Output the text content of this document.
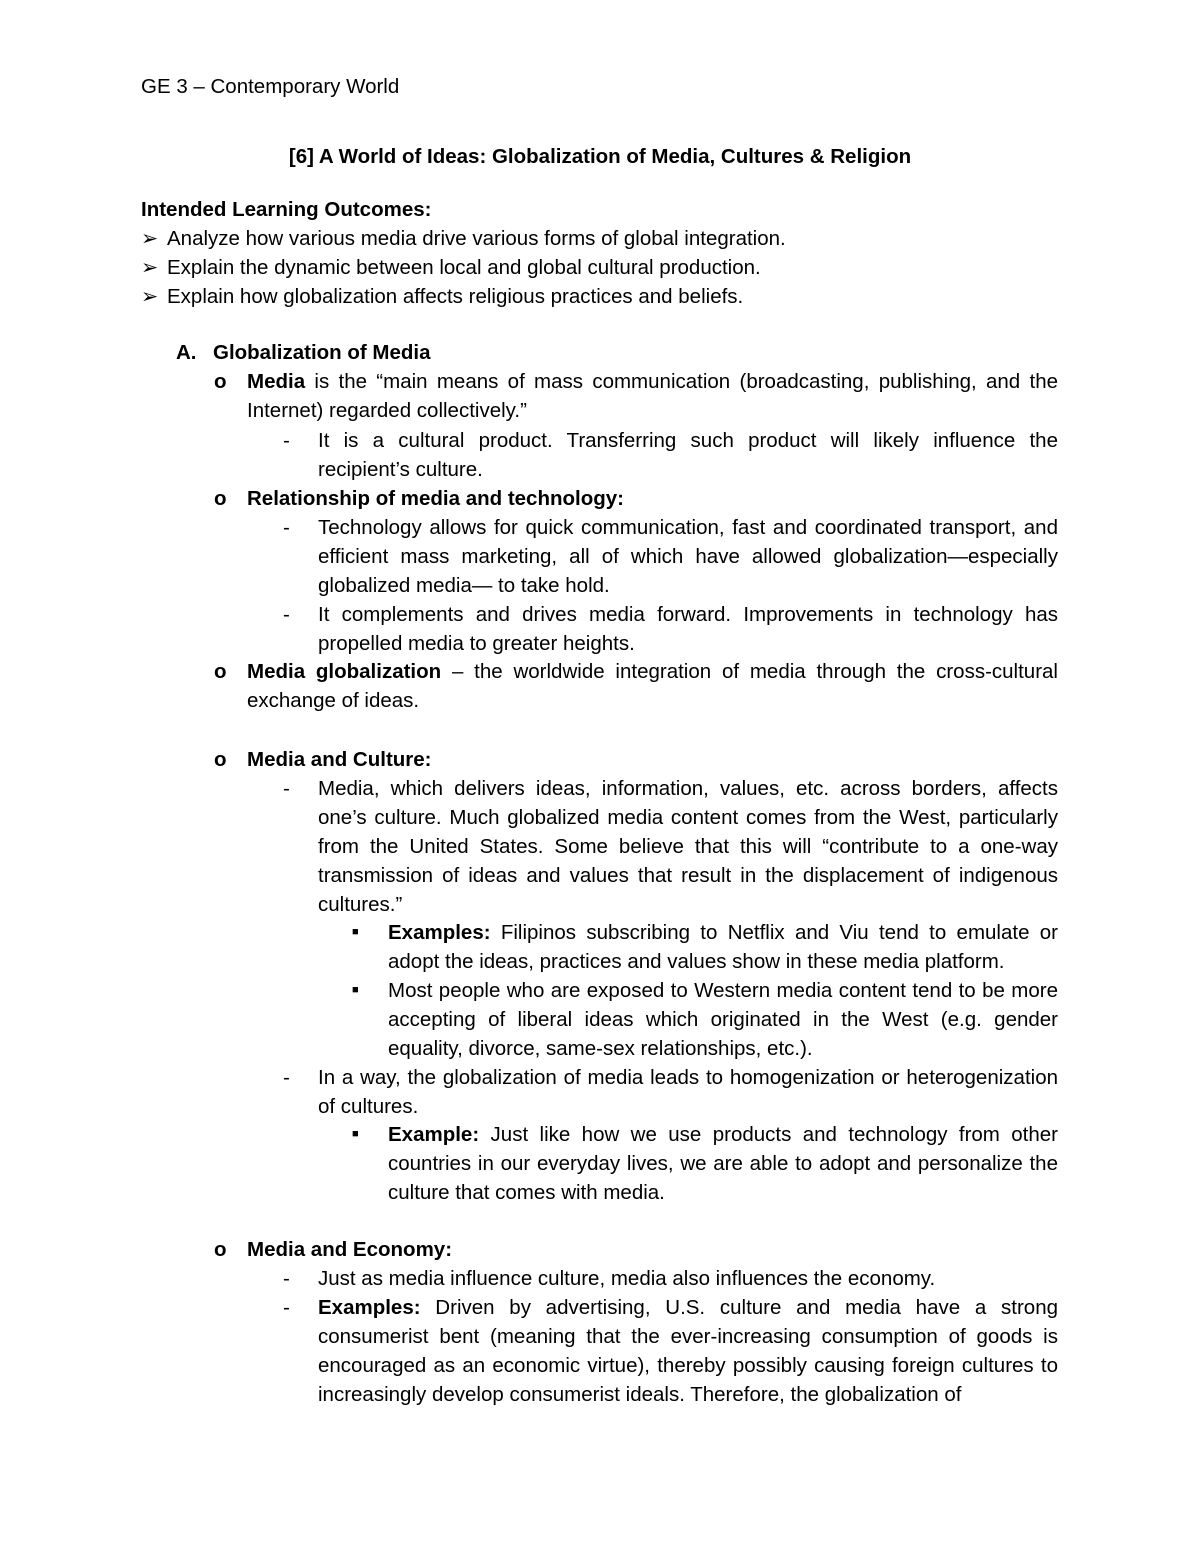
GE 3 – Contemporary World
[6] A World of Ideas: Globalization of Media, Cultures & Religion
Intended Learning Outcomes:
➢ Analyze how various media drive various forms of global integration.
➢ Explain the dynamic between local and global cultural production.
➢ Explain how globalization affects religious practices and beliefs.
A. Globalization of Media
o Media is the “main means of mass communication (broadcasting, publishing, and the Internet) regarded collectively.”
- It is a cultural product. Transferring such product will likely influence the recipient’s culture.
o Relationship of media and technology:
- Technology allows for quick communication, fast and coordinated transport, and efficient mass marketing, all of which have allowed globalization—especially globalized media— to take hold.
- It complements and drives media forward. Improvements in technology has propelled media to greater heights.
o Media globalization – the worldwide integration of media through the cross-cultural exchange of ideas.
o Media and Culture:
- Media, which delivers ideas, information, values, etc. across borders, affects one’s culture. Much globalized media content comes from the West, particularly from the United States. Some believe that this will “contribute to a one-way transmission of ideas and values that result in the displacement of indigenous cultures.”
■ Examples: Filipinos subscribing to Netflix and Viu tend to emulate or adopt the ideas, practices and values show in these media platform.
■ Most people who are exposed to Western media content tend to be more accepting of liberal ideas which originated in the West (e.g. gender equality, divorce, same-sex relationships, etc.).
- In a way, the globalization of media leads to homogenization or heterogenization of cultures.
■ Example: Just like how we use products and technology from other countries in our everyday lives, we are able to adopt and personalize the culture that comes with media.
o Media and Economy:
- Just as media influence culture, media also influences the economy.
- Examples: Driven by advertising, U.S. culture and media have a strong consumerist bent (meaning that the ever-increasing consumption of goods is encouraged as an economic virtue), thereby possibly causing foreign cultures to increasingly develop consumerist ideals. Therefore, the globalization of
